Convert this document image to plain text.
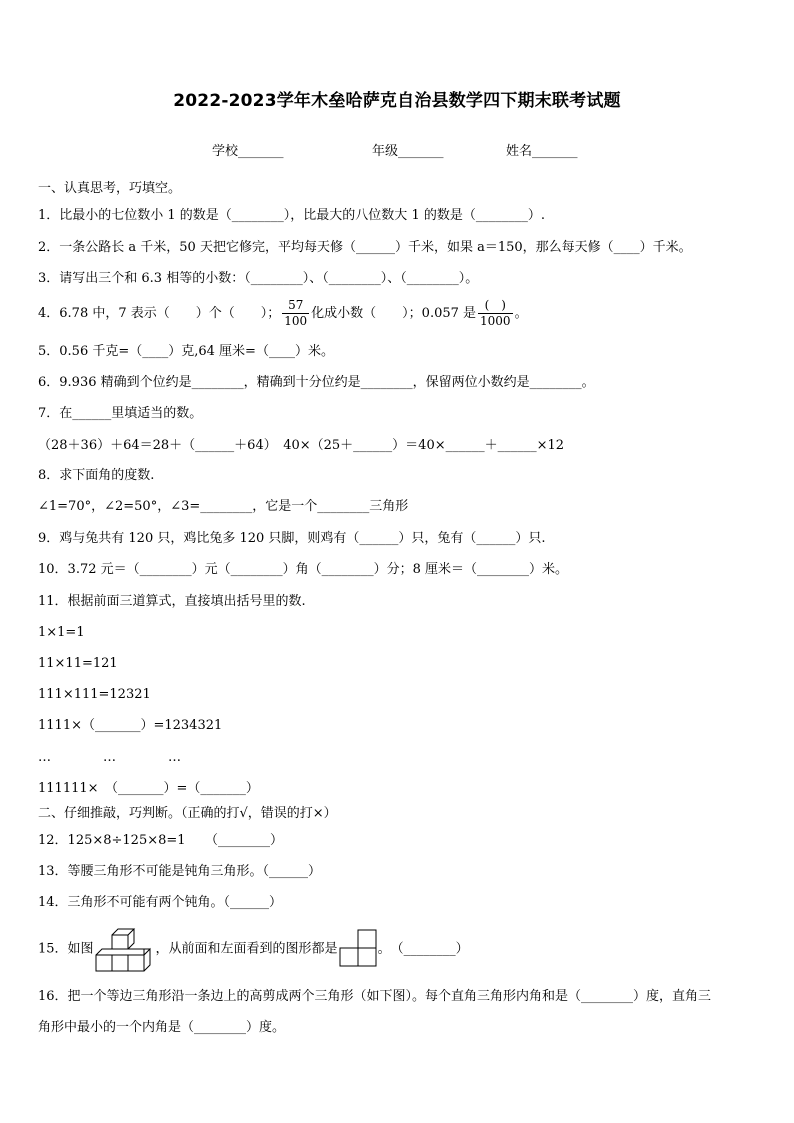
2022-2023学年木垒哈萨克自治县数学四下期末联考试题
学校_______	年级_______	姓名_______
一、认真思考，巧填空。
1．比最小的七位数小 1 的数是（________），比最大的八位数大 1 的数是（________）.
2．一条公路长 a 千米，50 天把它修完，平均每天修（______）千米，如果 a＝150，那么每天修（____）千米。
3．请写出三个和 6.3 相等的小数：（________）、（________）、（________）。
4．6.78 中，7 表示（　　）个（　　）； $\frac{57}{100}$ 化成小数（　　）；0.057 是 $\frac{( )}{1000}$ 。
5．0.56 千克=（____）克,64 厘米=（____）米。
6．9.936 精确到个位约是________，精确到十分位约是________，保留两位小数约是________。
7．在______里填适当的数。
（28＋36）＋64＝28＋（______＋64）　40×（25＋______）＝40×______＋______×12
8．求下面角的度数.
∠1=70°，∠2=50°，∠3=________，它是一个________三角形
9．鸡与兔共有 120 只，鸡比兔多 120 只脚，则鸡有（______）只，兔有（______）只.
10．3.72 元＝（________）元（________）角（________）分；8 厘米＝（________）米。
11．根据前面三道算式，直接填出括号里的数.
1×1=1
11×11=121
111×111=12321
1111×（_______）=1234321
…　　　　…　　　　…
111111×　（_______）=（_______）
二、仔细推敲，巧判断。（正确的打√，错误的打×）
12．125×8÷125×8=1　　（________）
13．等腰三角形不可能是钝角三角形。（______）
14．三角形不可能有两个钝角。（______）
15．如图	，从前面和左面看到的图形都是	。　（________）
16．把一个等边三角形沿一条边上的高剪成两个三角形（如下图）。每个直角三角形内角和是（________）度，直角三
角形中最小的一个内角是（________）度。
